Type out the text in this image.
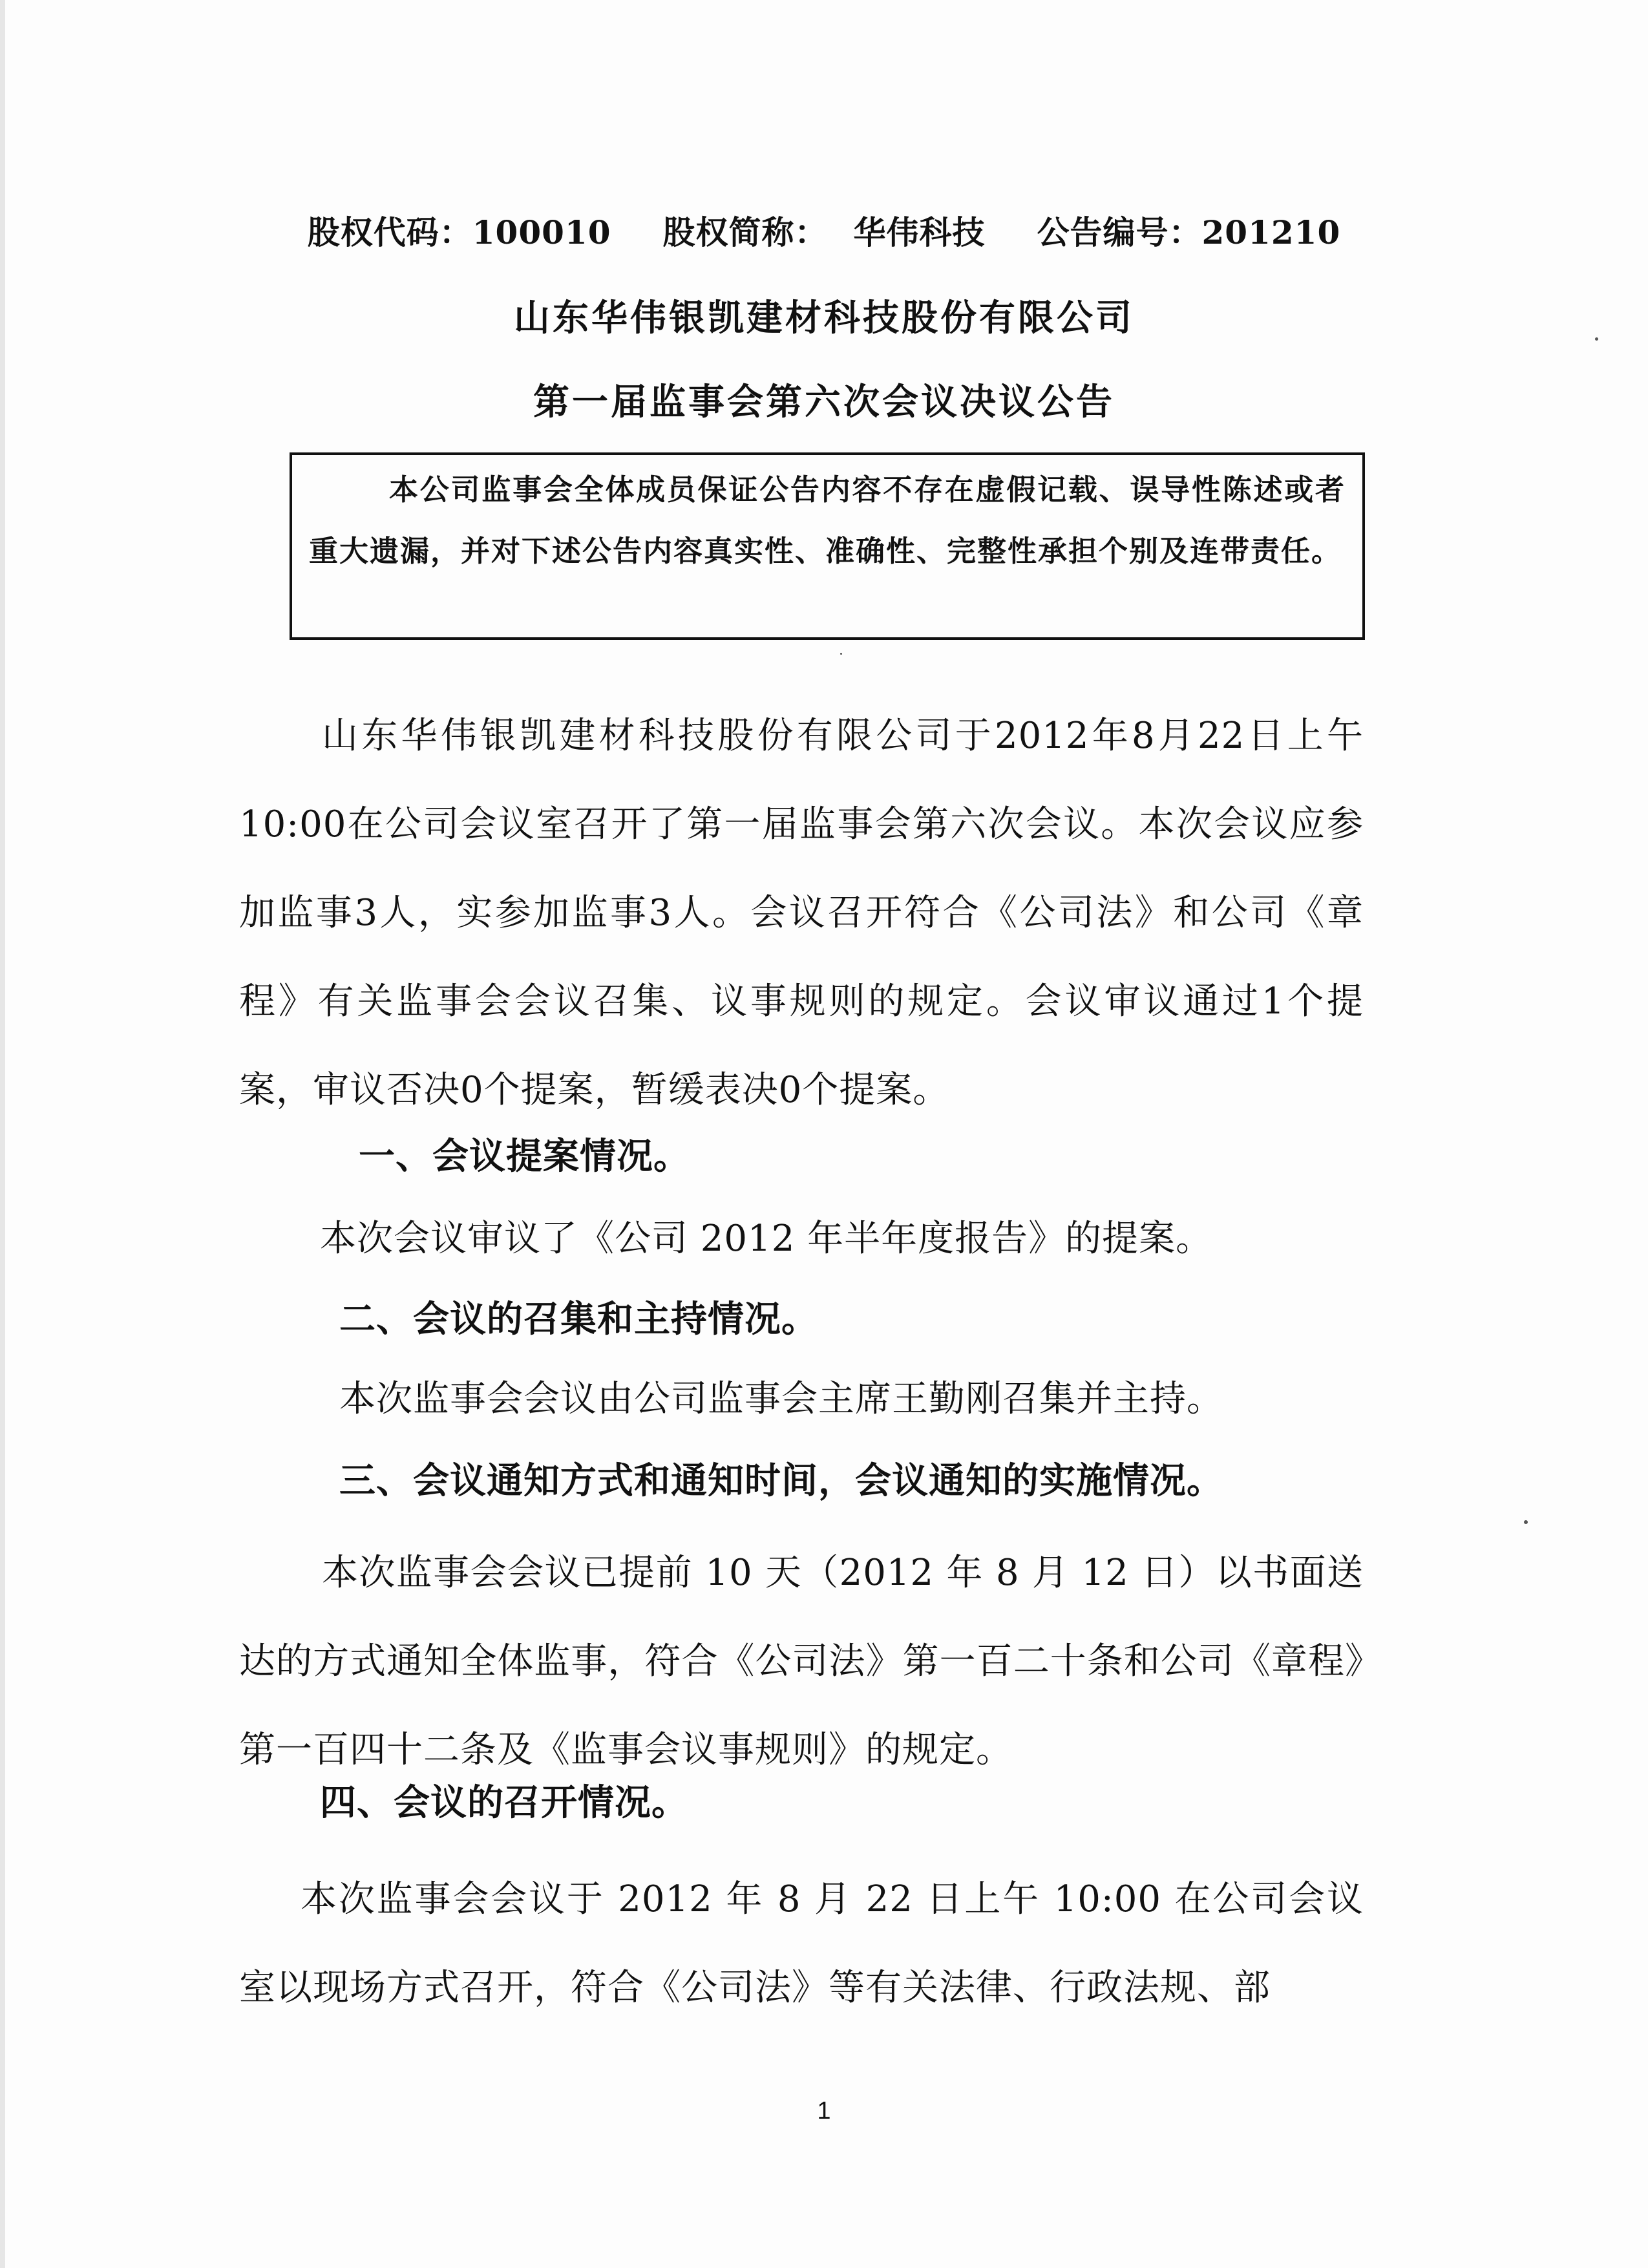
股权代码：100010 股权简称： 华伟科技 公告编号：201210
山东华伟银凯建材科技股份有限公司
第一届监事会第六次会议决议公告

本公司监事会全体成员保证公告内容不存在虚假记载、误导性陈述或者重大遗漏，并对下述公告内容真实性、准确性、完整性承担个别及连带责任。

山东华伟银凯建材科技股份有限公司于2012年8月22日上午10:00在公司会议室召开了第一届监事会第六次会议。本次会议应参加监事3人，实参加监事3人。会议召开符合《公司法》和公司《章程》有关监事会会议召集、议事规则的规定。会议审议通过1个提案，审议否决0个提案，暂缓表决0个提案。

一、会议提案情况。
本次会议审议了《公司 2012 年半年度报告》的提案。
二、会议的召集和主持情况。
本次监事会会议由公司监事会主席王勤刚召集并主持。
三、会议通知方式和通知时间，会议通知的实施情况。

本次监事会会议已提前 10 天（2012 年 8 月 12 日）以书面送达的方式通知全体监事，符合《公司法》第一百二十条和公司《章程》第一百四十二条及《监事会议事规则》的规定。

四、会议的召开情况。

本次监事会会议于 2012 年 8 月 22 日上午 10:00 在公司会议室以现场方式召开，符合《公司法》等有关法律、行政法规、部

1
